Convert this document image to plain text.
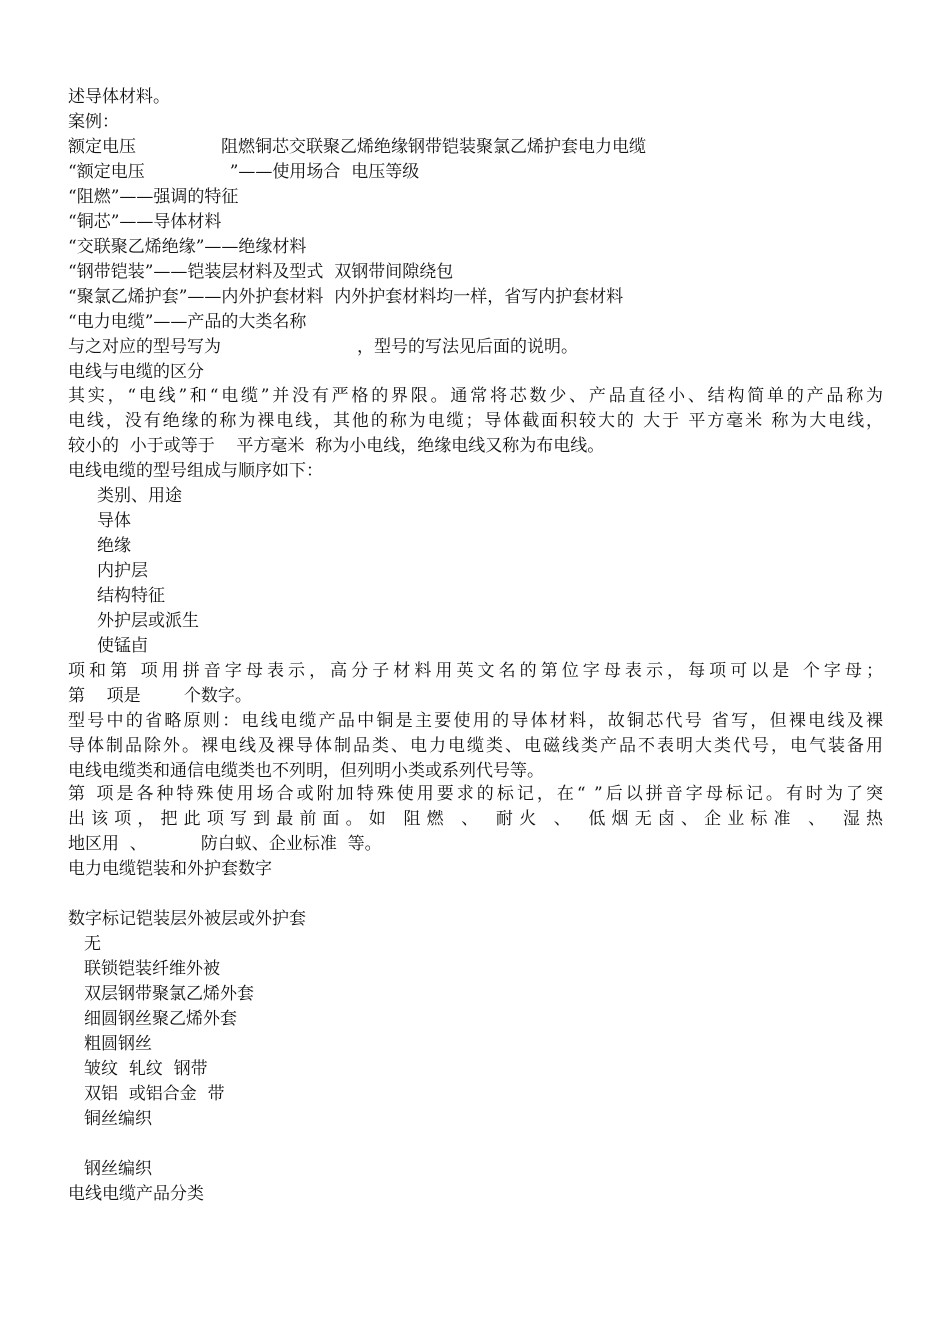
述导体材料。
案例：
额定电压　　　　　阻燃铜芯交联聚乙烯绝缘钢带铠装聚氯乙烯护套电力电缆
“额定电压　　　　　”——使用场合  电压等级
“阻燃”——强调的特征
“铜芯”——导体材料
“交联聚乙烯绝缘”——绝缘材料
“钢带铠装”——铠装层材料及型式  双钢带间隙绕包
“聚氯乙烯护套”——内外护套材料  内外护套材料均一样，省写内护套材料
“电力电缆”——产品的大类名称
与之对应的型号写为　　　　　　　　，型号的写法见后面的说明。
电线与电缆的区分
其实，“电线”和“电缆”并没有严格的界限。通常将芯数少、产品直径小、结构简单的产品称为
电线，没有绝缘的称为裸电线，其他的称为电缆；导体截面积较大的 大于 平方毫米 称为大电线，
较小的  小于或等于    平方毫米  称为小电线，绝缘电线又称为布电线。
电线电缆的型号组成与顺序如下：
类别、用途
导体
绝缘
内护层
结构特征
外护层或派生
使锰卣
项和第 项用拼音字母表示，高分子材料用英文名的第位字母表示，每项可以是 个字母；
第    项是        个数字。
型号中的省略原则：电线电缆产品中铜是主要使用的导体材料，故铜芯代号 省写，但裸电线及裸
导体制品除外。裸电线及裸导体制品类、电力电缆类、电磁线类产品不表明大类代号，电气装备用
电线电缆类和通信电缆类也不列明，但列明小类或系列代号等。
第 项是各种特殊使用场合或附加特殊使用要求的标记，在“ ”后以拼音字母标记。有时为了突
出该项，把此项写到最前面。如 阻燃 、 耐火 、 低烟无卤、企业标准 、 湿热
地区用  、          防白蚁、企业标准  等。
电力电缆铠装和外护套数字
数字标记铠装层外被层或外护套
无
联锁铠装纤维外被
双层钢带聚氯乙烯外套
细圆钢丝聚乙烯外套
粗圆钢丝
皱纹  轧纹  钢带
双铝  或铝合金  带
铜丝编织
钢丝编织
电线电缆产品分类
